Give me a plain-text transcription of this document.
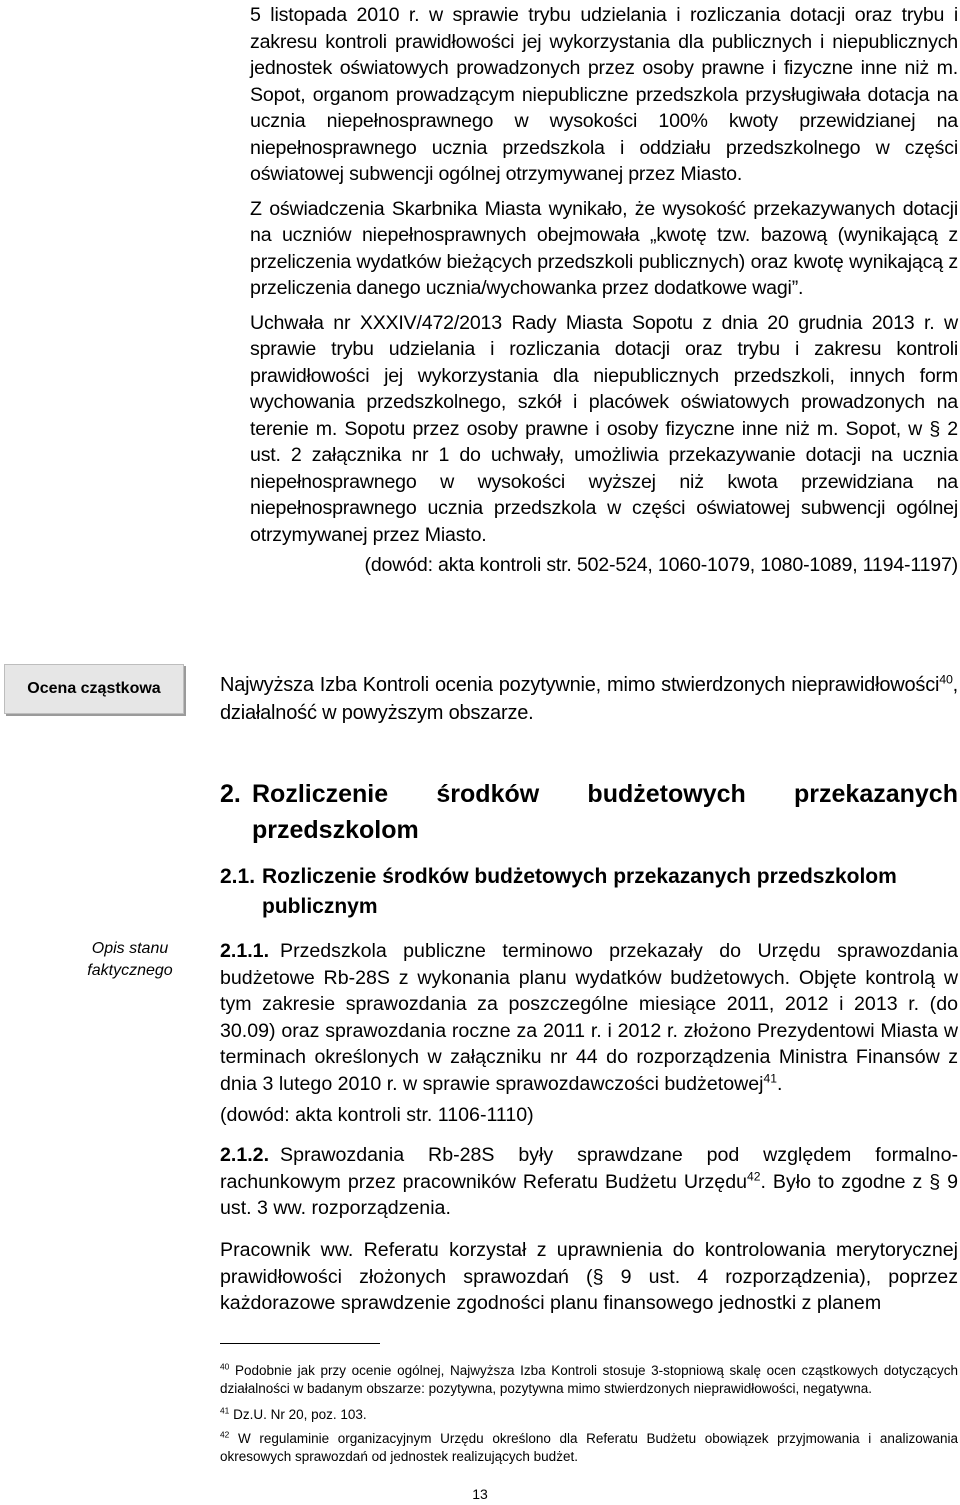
5 listopada 2010 r. w sprawie trybu udzielania i rozliczania dotacji oraz trybu i zakresu kontroli prawidłowości jej wykorzystania dla publicznych i niepublicznych jednostek oświatowych prowadzonych przez osoby prawne i fizyczne inne niż m. Sopot, organom prowadzącym niepubliczne przedszkola przysługiwała dotacja na ucznia niepełnosprawnego w wysokości 100% kwoty przewidzianej na niepełnosprawnego ucznia przedszkola i oddziału przedszkolnego w części oświatowej subwencji ogólnej otrzymywanej przez Miasto.

Z oświadczenia Skarbnika Miasta wynikało, że wysokość przekazywanych dotacji na uczniów niepełnosprawnych obejmowała „kwotę tzw. bazową (wynikającą z przeliczenia wydatków bieżących przedszkoli publicznych) oraz kwotę wynikającą z przeliczenia danego ucznia/wychowanka przez dodatkowe wagi”.

Uchwała nr XXXIV/472/2013 Rady Miasta Sopotu z dnia 20 grudnia 2013 r. w sprawie trybu udzielania i rozliczania dotacji oraz trybu i zakresu kontroli prawidłowości jej wykorzystania dla niepublicznych przedszkoli, innych form wychowania przedszkolnego, szkół i placówek oświatowych prowadzonych na terenie m. Sopotu przez osoby prawne i osoby fizyczne inne niż m. Sopot, w § 2 ust. 2 załącznika nr 1 do uchwały, umożliwia przekazywanie dotacji na ucznia niepełnosprawnego w wysokości wyższej niż kwota przewidziana na niepełnosprawnego ucznia przedszkola w części oświatowej subwencji ogólnej otrzymywanej przez Miasto.

(dowód: akta kontroli str. 502-524, 1060-1079, 1080-1089, 1194-1197)

Ocena cząstkowa	Najwyższa Izba Kontroli ocenia pozytywnie, mimo stwierdzonych nieprawidłowości$^{40}$, działalność w powyższym obszarze.

2. Rozliczenie środków budżetowych przekazanych przedszkolom
2.1. Rozliczenie środków budżetowych przekazanych przedszkolom publicznym
Opis stanu faktycznego

2.1.1. Przedszkola publiczne terminowo przekazały do Urzędu sprawozdania budżetowe Rb-28S z wykonania planu wydatków budżetowych. Objęte kontrolą w tym zakresie sprawozdania za poszczególne miesiące 2011, 2012 i 2013 r. (do 30.09) oraz sprawozdania roczne za 2011 r. i 2012 r. złożono Prezydentowi Miasta w terminach określonych w załączniku nr 44 do rozporządzenia Ministra Finansów z dnia 3 lutego 2010 r. w sprawie sprawozdawczości budżetowej$^{41}$.

(dowód: akta kontroli str. 1106-1110)

2.1.2. Sprawozdania Rb-28S były sprawdzane pod względem formalno-rachunkowym przez pracowników Referatu Budżetu Urzędu$^{42}$. Było to zgodne z § 9 ust. 3 ww. rozporządzenia.

Pracownik ww. Referatu korzystał z uprawnienia do kontrolowania merytorycznej prawidłowości złożonych sprawozdań (§ 9 ust. 4 rozporządzenia), poprzez każdorazowe sprawdzenie zgodności planu finansowego jednostki z planem

$^{40}$ Podobnie jak przy ocenie ogólnej, Najwyższa Izba Kontroli stosuje 3-stopniową skalę ocen cząstkowych dotyczących działalności w badanym obszarze: pozytywna, pozytywna mimo stwierdzonych nieprawidłowości, negatywna.

$^{41}$ Dz.U. Nr 20, poz. 103.

$^{42}$ W regulaminie organizacyjnym Urzędu określono dla Referatu Budżetu obowiązek przyjmowania i analizowania okresowych sprawozdań od jednostek realizujących budżet.

13
